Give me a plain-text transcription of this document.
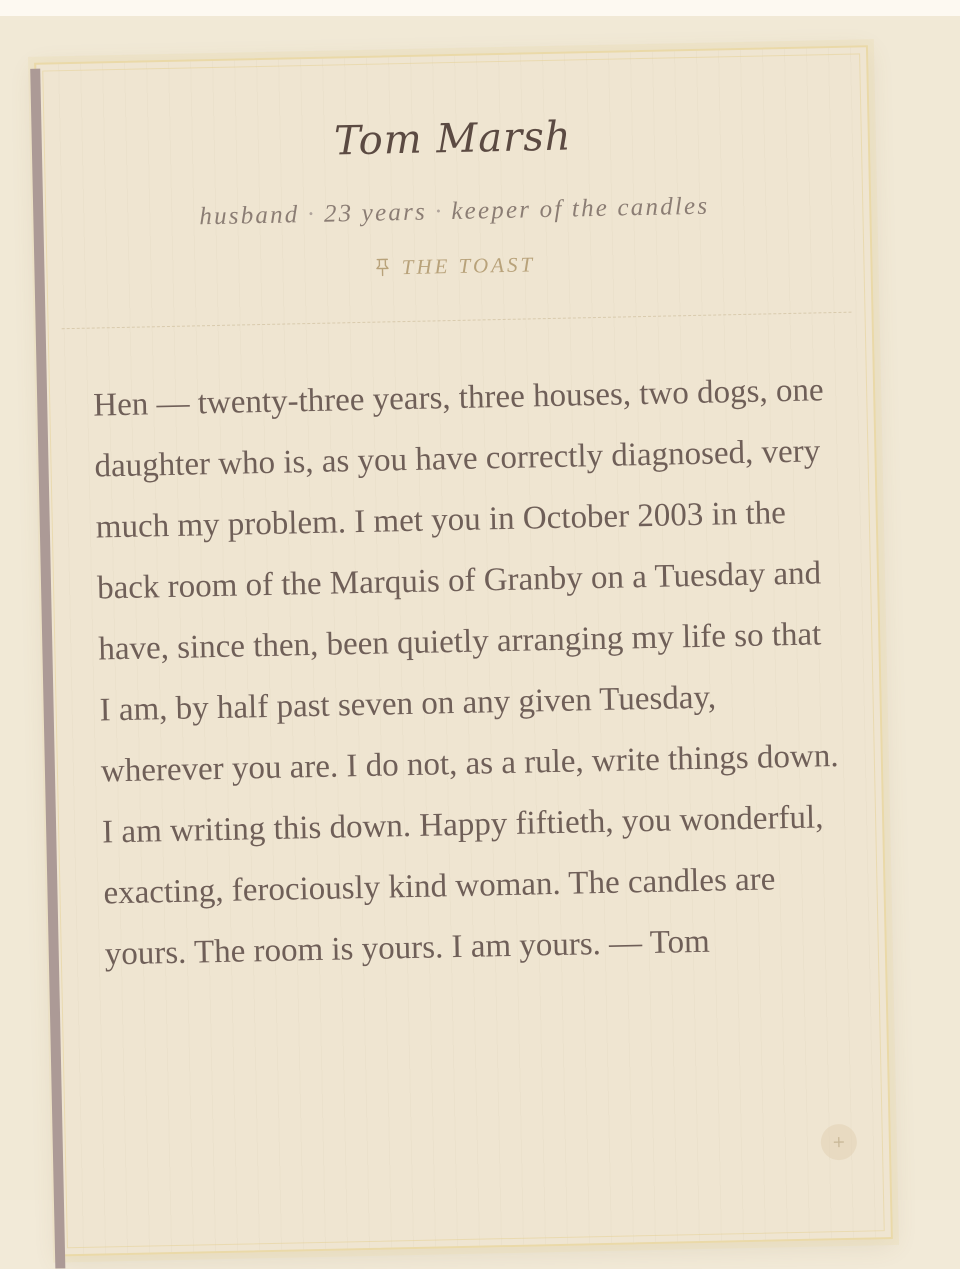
Tom Marsh
husband · 23 years · keeper of the candles
THE TOAST

Hen — twenty-three years, three houses, two dogs, one daughter who is, as you have correctly diagnosed, very much my problem. I met you in October 2003 in the back room of the Marquis of Granby on a Tuesday and have, since then, been quietly arranging my life so that I am, by half past seven on any given Tuesday, wherever you are. I do not, as a rule, write things down. I am writing this down. Happy fiftieth, you wonderful, exacting, ferociously kind woman. The candles are yours. The room is yours. I am yours. — Tom

+
